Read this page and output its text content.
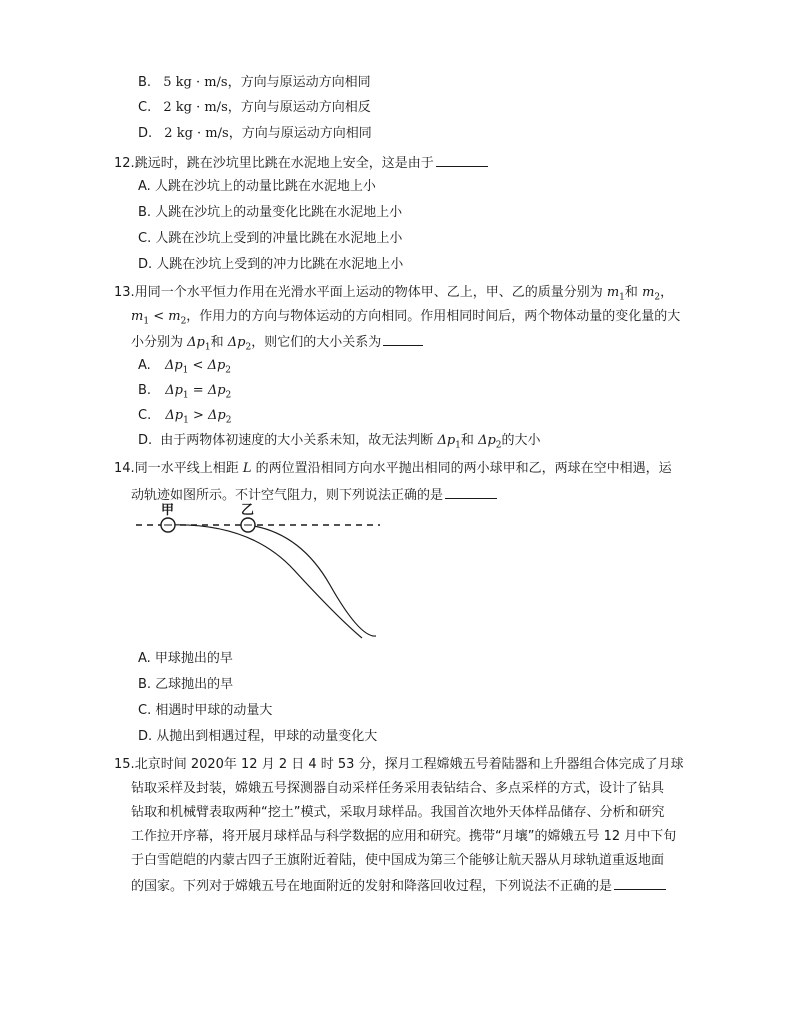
B. 5 kg · m/s，方向与原运动方向相同
C. 2 kg · m/s，方向与原运动方向相反
D. 2 kg · m/s，方向与原运动方向相同
12.跳远时，跳在沙坑里比跳在水泥地上安全，这是由于
A. 人跳在沙坑上的动量比跳在水泥地上小
B. 人跳在沙坑上的动量变化比跳在水泥地上小
C. 人跳在沙坑上受到的冲量比跳在水泥地上小
D. 人跳在沙坑上受到的冲力比跳在水泥地上小
13.用同一个水平恒力作用在光滑水平面上运动的物体甲、乙上，甲、乙的质量分别为 $m_1$和 $m_2$，
$m_1 < m_2$，作用力的方向与物体运动的方向相同。作用相同时间后，两个物体动量的变化量的大
小分别为 $\Delta p_1$和 $\Delta p_2$，则它们的大小关系为
A. $\Delta p_1 < \Delta p_2$
B. $\Delta p_1 = \Delta p_2$
C. $\Delta p_1 > \Delta p_2$
D. 由于两物体初速度的大小关系未知，故无法判断 $\Delta p_1$和 $\Delta p_2$的大小
14.同一水平线上相距 L 的两位置沿相同方向水平抛出相同的两小球甲和乙，两球在空中相遇，运
动轨迹如图所示。不计空气阻力，则下列说法正确的是
甲	乙
A. 甲球抛出的早
B. 乙球抛出的早
C. 相遇时甲球的动量大
D. 从抛出到相遇过程，甲球的动量变化大
15.北京时间 2020年 12 月 2 日 4 时 53 分，探月工程嫦娥五号着陆器和上升器组合体完成了月球
钻取采样及封装，嫦娥五号探测器自动采样任务采用表钻结合、多点采样的方式，设计了钻具
钻取和机械臂表取两种“挖土”模式，采取月球样品。我国首次地外天体样品储存、分析和研究
工作拉开序幕，将开展月球样品与科学数据的应用和研究。携带“月壤”的嫦娥五号 12 月中下旬
于白雪皑皑的内蒙古四子王旗附近着陆，使中国成为第三个能够让航天器从月球轨道重返地面
的国家。下列对于嫦娥五号在地面附近的发射和降落回收过程，下列说法不正确的是
